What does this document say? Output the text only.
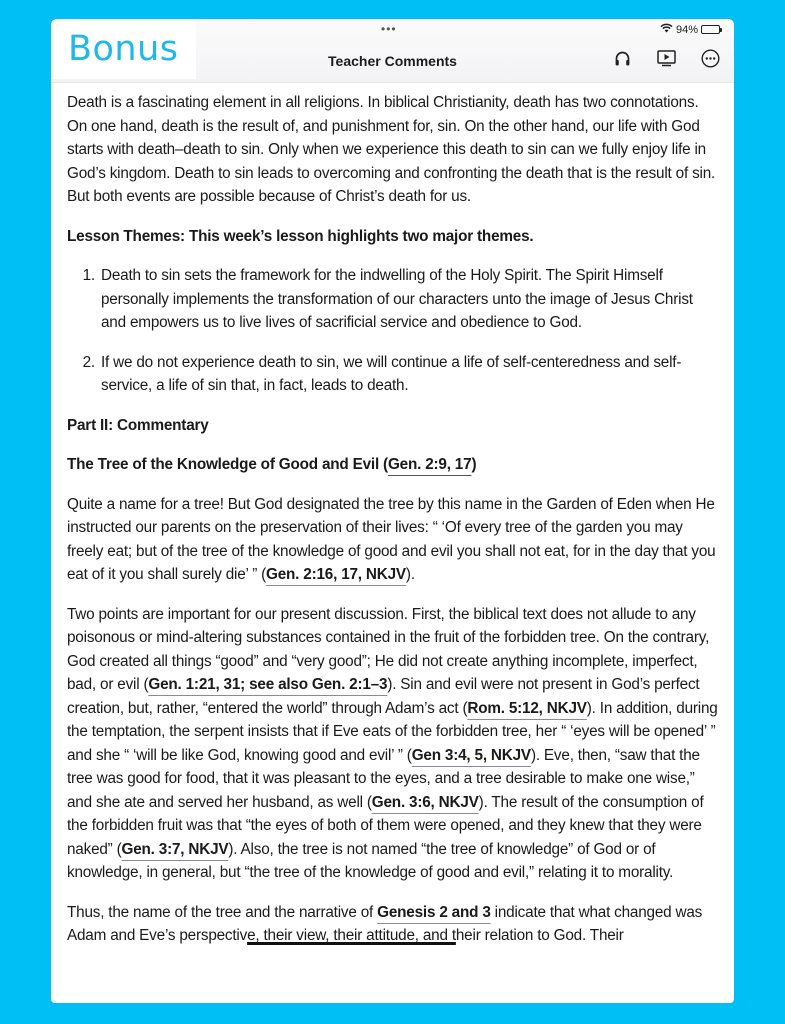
Bonus	•••
Teacher Comments
94%

Death is a fascinating element in all religions. In biblical Christianity, death has two connotations. On one hand, death is the result of, and punishment for, sin. On the other hand, our life with God starts with death–death to sin. Only when we experience this death to sin can we fully enjoy life in God’s kingdom. Death to sin leads to overcoming and confronting the death that is the result of sin. But both events are possible because of Christ’s death for us.

Lesson Themes: This week’s lesson highlights two major themes.

1. Death to sin sets the framework for the indwelling of the Holy Spirit. The Spirit Himself personally implements the transformation of our characters unto the image of Jesus Christ and empowers us to live lives of sacrificial service and obedience to God.
2. If we do not experience death to sin, we will continue a life of self-centeredness and self-service, a life of sin that, in fact, leads to death.

Part II: Commentary

The Tree of the Knowledge of Good and Evil (Gen. 2:9, 17)

Quite a name for a tree! But God designated the tree by this name in the Garden of Eden when He instructed our parents on the preservation of their lives: “ ‘Of every tree of the garden you may freely eat; but of the tree of the knowledge of good and evil you shall not eat, for in the day that you eat of it you shall surely die’ ” (Gen. 2:16, 17, NKJV).

Two points are important for our present discussion. First, the biblical text does not allude to any poisonous or mind-altering substances contained in the fruit of the forbidden tree. On the contrary, God created all things “good” and “very good”; He did not create anything incomplete, imperfect, bad, or evil (Gen. 1:21, 31; see also Gen. 2:1–3). Sin and evil were not present in God’s perfect creation, but, rather, “entered the world” through Adam’s act (Rom. 5:12, NKJV). In addition, during the temptation, the serpent insists that if Eve eats of the forbidden tree, her “ ‘eyes will be opened’ ” and she “ ‘will be like God, knowing good and evil’ ” (Gen 3:4, 5, NKJV). Eve, then, “saw that the tree was good for food, that it was pleasant to the eyes, and a tree desirable to make one wise,” and she ate and served her husband, as well (Gen. 3:6, NKJV). The result of the consumption of the forbidden fruit was that “the eyes of both of them were opened, and they knew that they were naked” (Gen. 3:7, NKJV). Also, the tree is not named “the tree of knowledge” of God or of knowledge, in general, but “the tree of the knowledge of good and evil,” relating it to morality.

Thus, the name of the tree and the narrative of Genesis 2 and 3 indicate that what changed was Adam and Eve’s perspective, their view, their attitude, and their relation to God. Their
